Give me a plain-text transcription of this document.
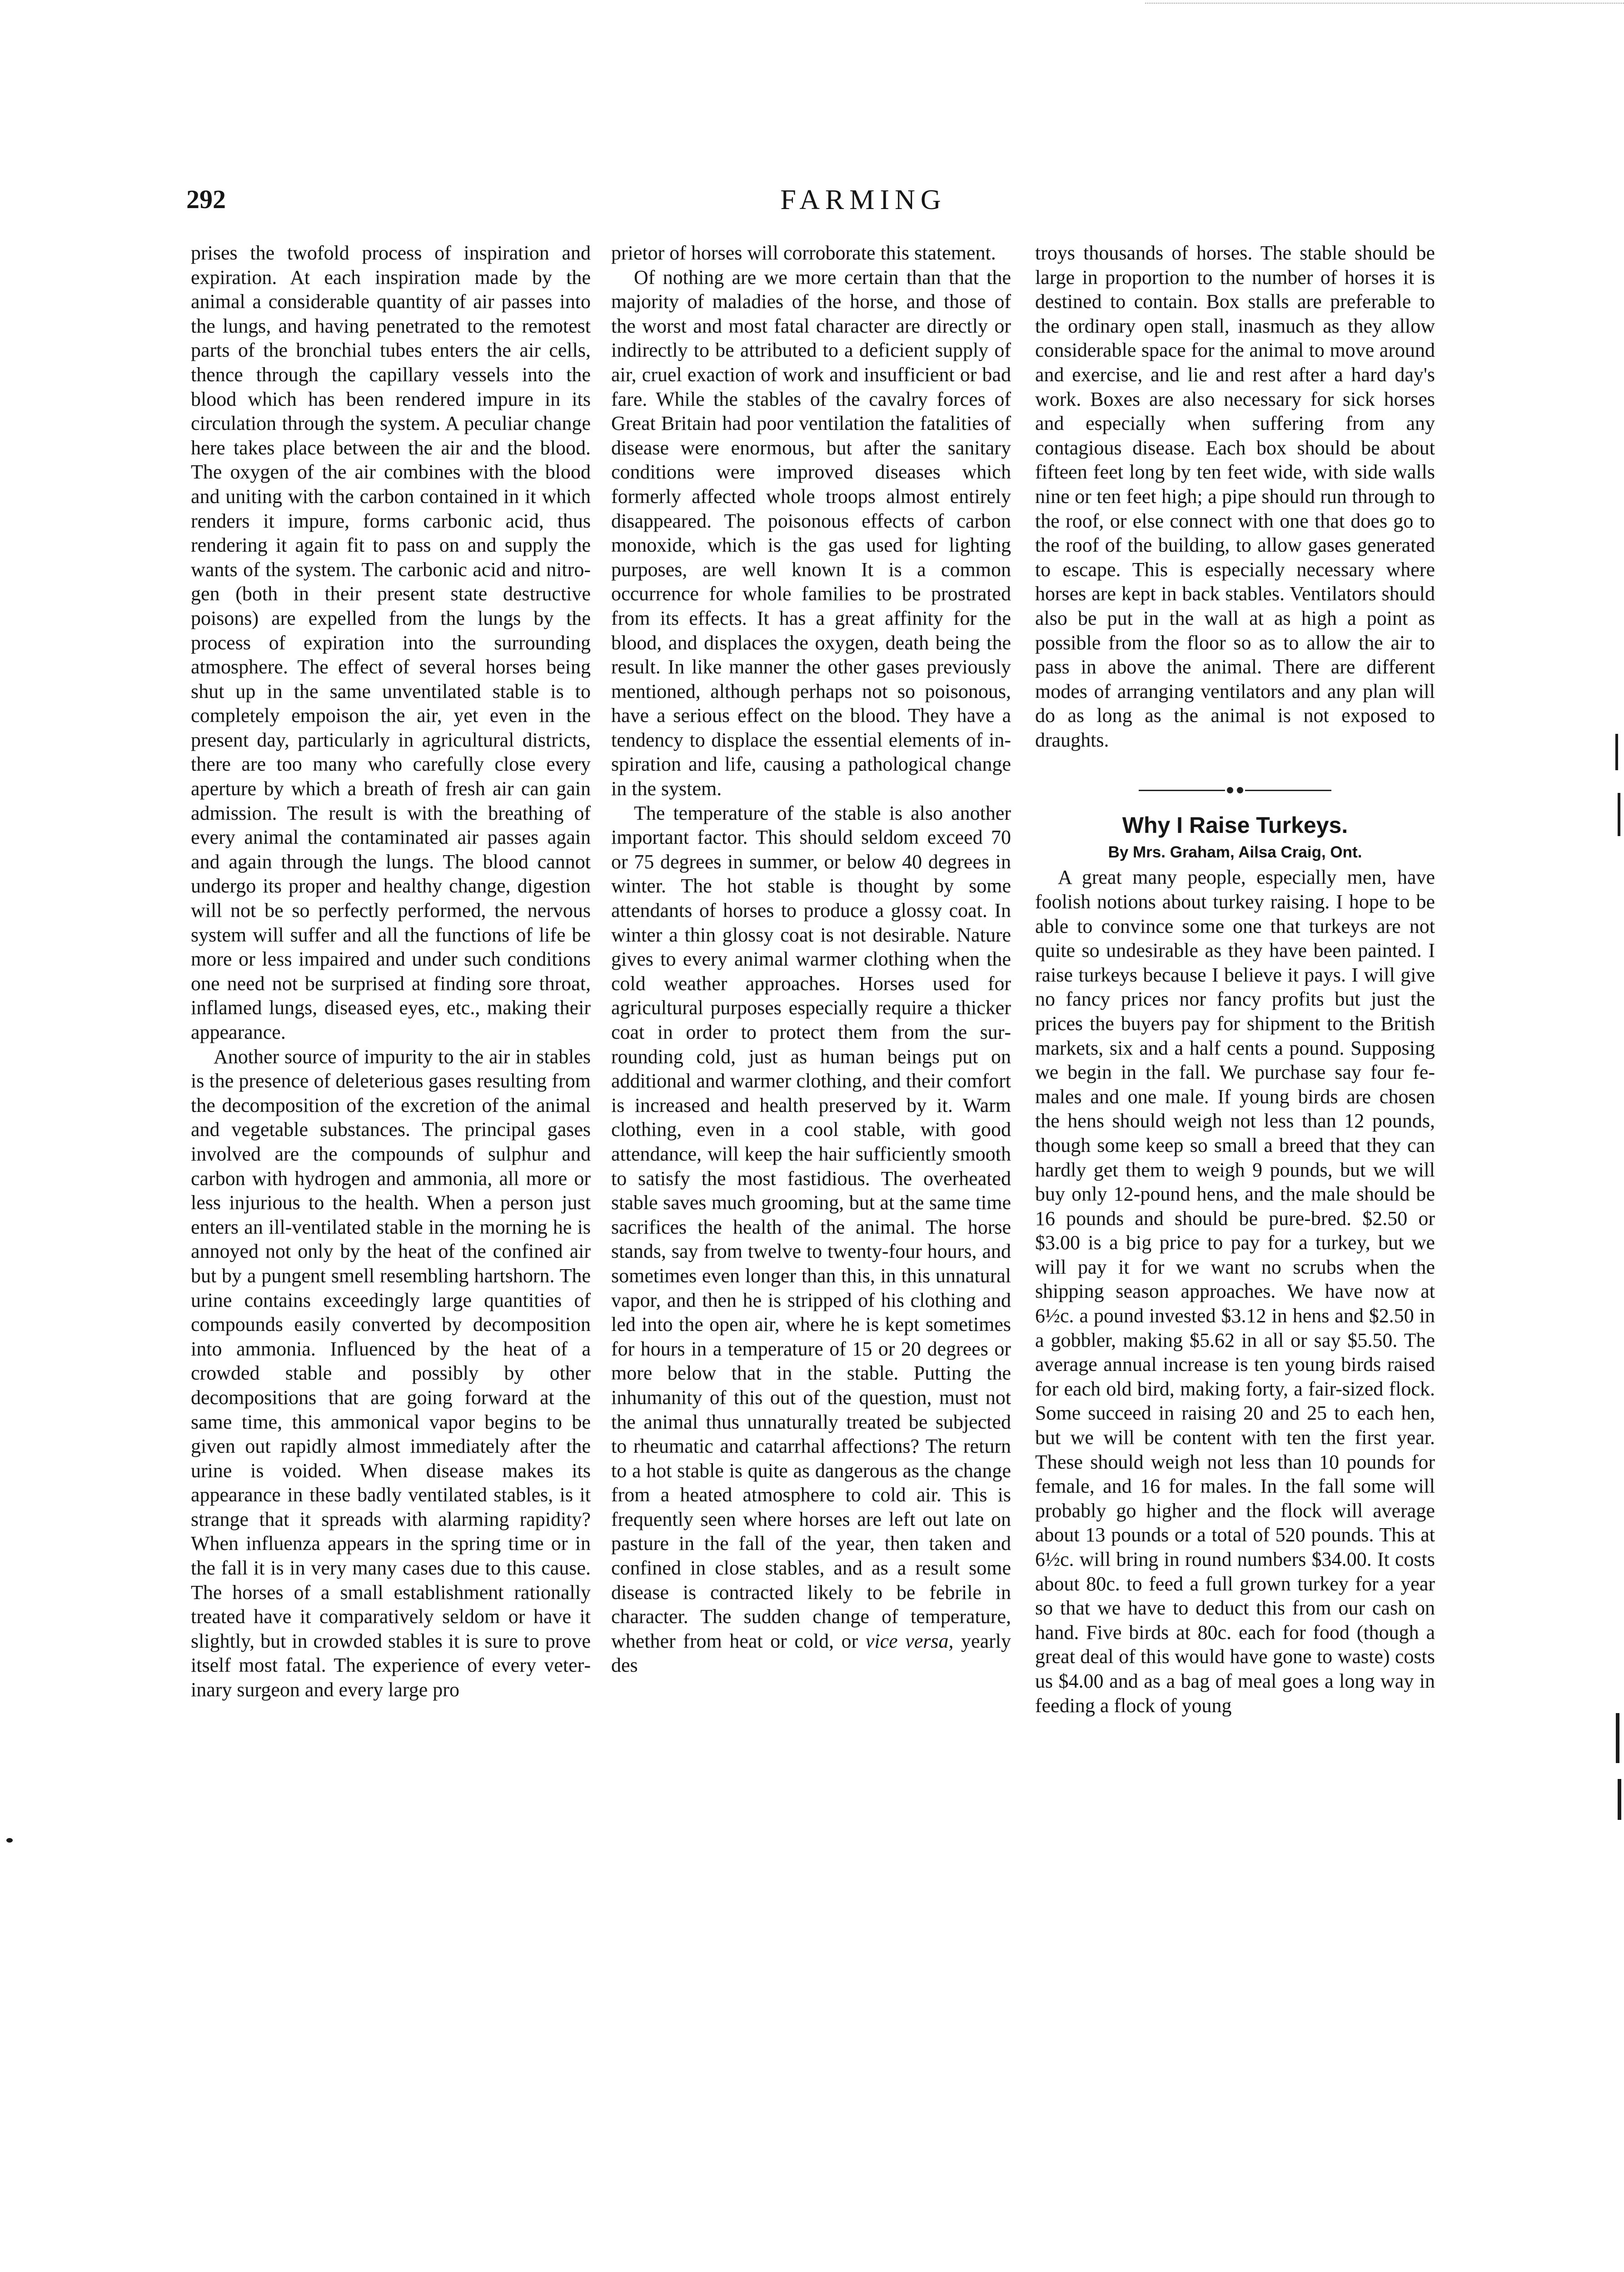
292	FARMING

prises the twofold process of inspiration and expiration. At each inspiration made by the animal a considerable quantity of air passes into the lungs, and having penetrated to the remotest parts of the bronchial tubes enters the air cells, thence through the capillary vessels into the blood which has been rendered impure in its circulation through the system. A peculiar change here takes place between the air and the blood. The oxygen of the air combines with the blood and uniting with the carbon contained in it which renders it impure, forms carbonic acid, thus rendering it again fit to pass on and supply the wants of the system. The carbonic acid and nitrogen (both in their present state destructive poisons) are expelled from the lungs by the process of expiration into the surrounding atmosphere. The effect of several horses being shut up in the same unventilated stable is to completely empoison the air, yet even in the present day, particularly in agricultural districts, there are too many who carefully close every aperture by which a breath of fresh air can gain admission. The result is with the breathing of every animal the contaminated air passes again and again through the lungs. The blood cannot undergo its proper and healthy change, digestion will not be so perfectly performed, the nervous system will suffer and all the functions of life be more or less impaired and under such conditions one need not be surprised at finding sore throat, inflamed lungs, diseased eyes, etc., making their appearance.

Another source of impurity to the air in stables is the presence of deleterious gases resulting from the decomposition of the excretion of the animal and vegetable substances. The principal gases involved are the compounds of sulphur and carbon with hydrogen and ammonia, all more or less injurious to the health. When a person just enters an ill-ventilated stable in the morning he is annoyed not only by the heat of the confined air but by a pungent smell resembling hartshorn. The urine contains exceedingly large quantities of compounds easily converted by decomposition into ammonia. Influenced by the heat of a crowded stable and possibly by other decompositions that are going forward at the same time, this ammonical vapor begins to be given out rapidly almost immediately after the urine is voided. When disease makes its appearance in these badly ventilated stables, is it strange that it spreads with alarming rapidity? When influenza appears in the spring time or in the fall it is in very many cases due to this cause. The horses of a small establishment rationally treated have it comparatively seldom or have it slightly, but in crowded stables it is sure to prove itself most fatal. The experience of every veterinary surgeon and every large pro

prietor of horses will corroborate this statement.

Of nothing are we more certain than that the majority of maladies of the horse, and those of the worst and most fatal character are directly or indirectly to be attributed to a deficient supply of air, cruel exaction of work and insufficient or bad fare. While the stables of the cavalry forces of Great Britain had poor ventilation the fatalities of disease were enormous, but after the sanitary conditions were improved diseases which formerly affected whole troops almost entirely disappeared. The poisonous effects of carbon monoxide, which is the gas used for lighting purposes, are well known It is a common occurrence for whole families to be prostrated from its effects. It has a great affinity for the blood, and displaces the oxygen, death being the result. In like manner the other gases previously mentioned, although perhaps not so poisonous, have a serious effect on the blood. They have a tendency to displace the essential elements of inspiration and life, causing a pathological change in the system.

The temperature of the stable is also another important factor. This should seldom exceed 70 or 75 degrees in summer, or below 40 degrees in winter. The hot stable is thought by some attendants of horses to produce a glossy coat. In winter a thin glossy coat is not desirable. Nature gives to every animal warmer clothing when the cold weather approaches. Horses used for agricultural purposes especially require a thicker coat in order to protect them from the surrounding cold, just as human beings put on additional and warmer clothing, and their comfort is increased and health preserved by it. Warm clothing, even in a cool stable, with good attendance, will keep the hair sufficiently smooth to satisfy the most fastidious. The overheated stable saves much grooming, but at the same time sacrifices the health of the animal. The horse stands, say from twelve to twenty-four hours, and sometimes even longer than this, in this unnatural vapor, and then he is stripped of his clothing and led into the open air, where he is kept sometimes for hours in a temperature of 15 or 20 degrees or more below that in the stable. Putting the inhumanity of this out of the question, must not the animal thus unnaturally treated be subjected to rheumatic and catarrhal affections? The return to a hot stable is quite as dangerous as the change from a heated atmosphere to cold air. This is frequently seen where horses are left out late on pasture in the fall of the year, then taken and confined in close stables, and as a result some disease is contracted likely to be febrile in character. The sudden change of temperature, whether from heat or cold, or vice versa, yearly des

troys thousands of horses. The stable should be large in proportion to the number of horses it is destined to contain. Box stalls are preferable to the ordinary open stall, inasmuch as they allow considerable space for the animal to move around and exercise, and lie and rest after a hard day's work. Boxes are also necessary for sick horses and especially when suffering from any contagious disease. Each box should be about fifteen feet long by ten feet wide, with side walls nine or ten feet high; a pipe should run through to the roof, or else connect with one that does go to the roof of the building, to allow gases generated to escape. This is especially necessary where horses are kept in back stables. Ventilators should also be put in the wall at as high a point as possible from the floor so as to allow the air to pass in above the animal. There are different modes of arranging ventilators and any plan will do as long as the animal is not exposed to draughts.

Why I Raise Turkeys.

By Mrs. Graham, Ailsa Craig, Ont.

A great many people, especially men, have foolish notions about turkey raising. I hope to be able to convince some one that turkeys are not quite so undesirable as they have been painted. I raise turkeys because I believe it pays. I will give no fancy prices nor fancy profits but just the prices the buyers pay for shipment to the British markets, six and a half cents a pound. Supposing we begin in the fall. We purchase say four females and one male. If young birds are chosen the hens should weigh not less than 12 pounds, though some keep so small a breed that they can hardly get them to weigh 9 pounds, but we will buy only 12-pound hens, and the male should be 16 pounds and should be pure-bred. $2.50 or $3.00 is a big price to pay for a turkey, but we will pay it for we want no scrubs when the shipping season approaches. We have now at 6½c. a pound invested $3.12 in hens and $2.50 in a gobbler, making $5.62 in all or say $5.50. The average annual increase is ten young birds raised for each old bird, making forty, a fair-sized flock. Some succeed in raising 20 and 25 to each hen, but we will be content with ten the first year. These should weigh not less than 10 pounds for female, and 16 for males. In the fall some will probably go higher and the flock will average about 13 pounds or a total of 520 pounds. This at 6½c. will bring in round numbers $34.00. It costs about 80c. to feed a full grown turkey for a year so that we have to deduct this from our cash on hand. Five birds at 80c. each for food (though a great deal of this would have gone to waste) costs us $4.00 and as a bag of meal goes a long way in feeding a flock of young
